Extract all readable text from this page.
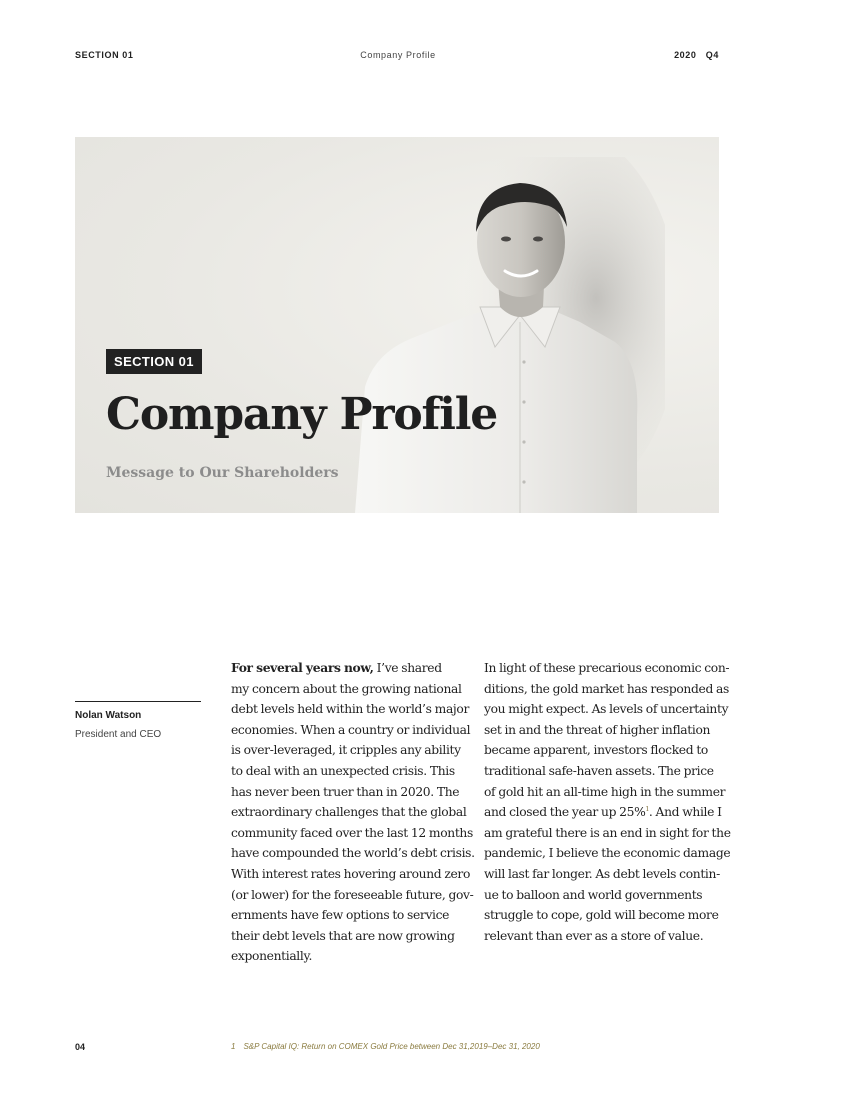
SECTION 01	Company Profile	2020   Q4
SECTION 01
Company Profile
Message to Our Shareholders
Nolan Watson
President and CEO
For several years now, I’ve shared
my concern about the growing national
debt levels held within the world’s major
economies. When a country or individual
is over-leveraged, it cripples any ability
to deal with an unexpected crisis. This
has never been truer than in 2020. The
extraordinary challenges that the global
community faced over the last 12 months
have compounded the world’s debt crisis.
With interest rates hovering around zero
(or lower) for the foreseeable future, gov-
ernments have few options to service
their debt levels that are now growing
exponentially.
In light of these precarious economic con-
ditions, the gold market has responded as
you might expect. As levels of uncertainty
set in and the threat of higher inflation
became apparent, investors flocked to
traditional safe-haven assets. The price
of gold hit an all-time high in the summer
and closed the year up 25%$^1$. And while I
am grateful there is an end in sight for the
pandemic, I believe the economic damage
will last far longer. As debt levels contin-
ue to balloon and world governments
struggle to cope, gold will become more
relevant than ever as a store of value.
04	1 S&P Capital IQ: Return on COMEX Gold Price between Dec 31,2019–Dec 31, 2020
